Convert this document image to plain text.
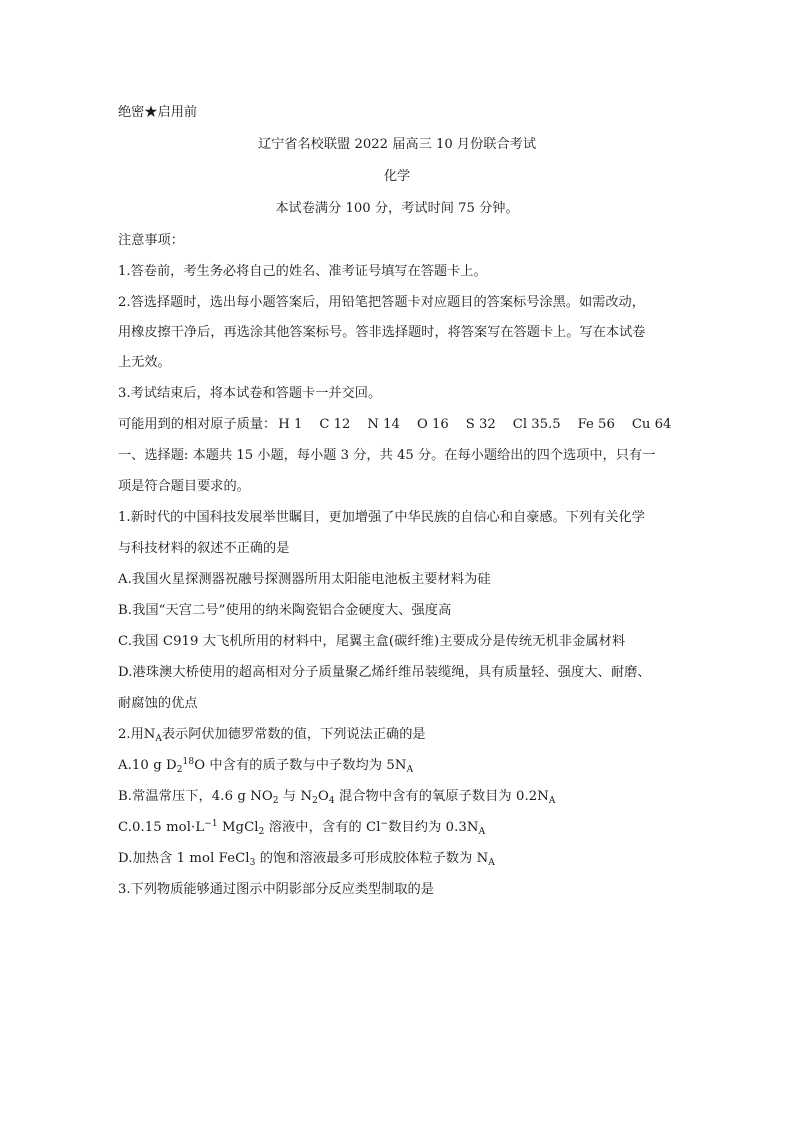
绝密★启用前
辽宁省名校联盟 2022 届高三 10 月份联合考试
化学
本试卷满分 100 分，考试时间 75 分钟。
注意事项：
1.答卷前，考生务必将自己的姓名、准考证号填写在答题卡上。
2.答选择题时，选出每小题答案后，用铅笔把答题卡对应题目的答案标号涂黑。如需改动，
用橡皮擦干净后，再选涂其他答案标号。答非选择题时，将答案写在答题卡上。写在本试卷
上无效。
3.考试结束后，将本试卷和答题卡一并交回。
可能用到的相对原子质量： H 1 C 12 N 14 O 16 S 32 Cl 35.5 Fe 56 Cu 64
一、选择题: 本题共 15 小题，每小题 3 分，共 45 分。在每小题给出的四个选项中，只有一
项是符合题目要求的。
1.新时代的中国科技发展举世瞩目，更加增强了中华民族的自信心和自豪感。下列有关化学
与科技材料的叙述不正确的是
A.我国火星探测器祝融号探测器所用太阳能电池板主要材料为硅
B.我国“天宫二号”使用的纳米陶瓷铝合金硬度大、强度高
C.我国 C919 大飞机所用的材料中，尾翼主盒(碳纤维)主要成分是传统无机非金属材料
D.港珠澳大桥使用的超高相对分子质量聚乙烯纤维吊装缆绳，具有质量轻、强度大、耐磨、
耐腐蚀的优点
2.用$N_A$表示阿伏加德罗常数的值，下列说法正确的是
A.10 g $D_2^{18}O$ 中含有的质子数与中子数均为 $5N_A$
B.常温常压下，4.6 g $NO_2$ 与 $N_2O_4$ 混合物中含有的氧原子数目为 $0.2N_A$
C.0.15 $mol\cdot L^{-1}$ MgCl$_2$ 溶液中，含有的 Cl−数目约为 $0.3N_A$
D.加热含 1 mol FeCl$_3$ 的饱和溶液最多可形成胶体粒子数为 $N_A$
3.下列物质能够通过图示中阴影部分反应类型制取的是
